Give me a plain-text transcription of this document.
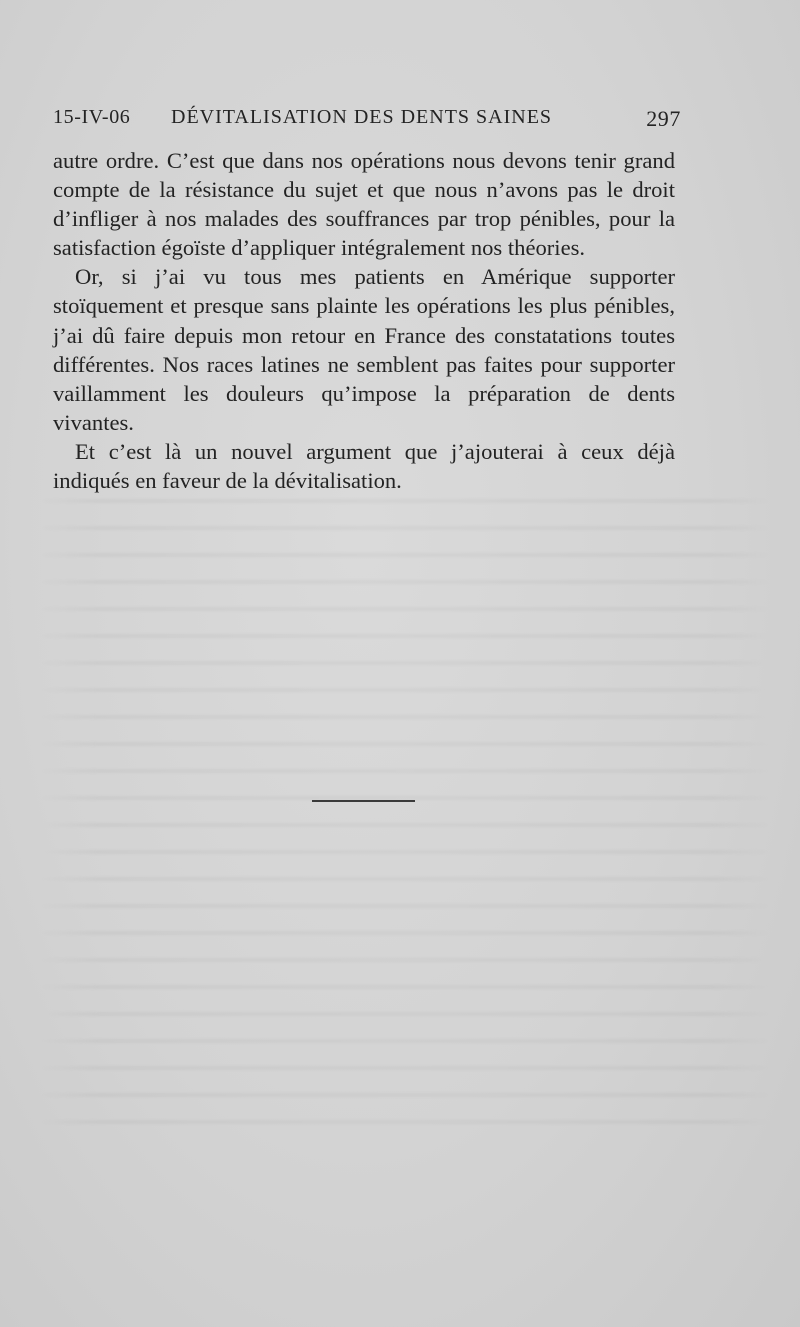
15-IV-06 DÉVITALISATION DES DENTS SAINES	297

autre ordre. C’est que dans nos opérations nous devons tenir grand compte de la résistance du sujet et que nous n’avons pas le droit d’infliger à nos malades des souffrances par trop pénibles, pour la satisfaction égoïste d’appliquer intégralement nos théories.

Or, si j’ai vu tous mes patients en Amérique supporter stoïquement et presque sans plainte les opérations les plus pénibles, j’ai dû faire depuis mon retour en France des constatations toutes différentes. Nos races latines ne semblent pas faites pour supporter vaillamment les douleurs qu’impose la préparation de dents vivantes.

Et c’est là un nouvel argument que j’ajouterai à ceux déjà indiqués en faveur de la dévitalisation.
